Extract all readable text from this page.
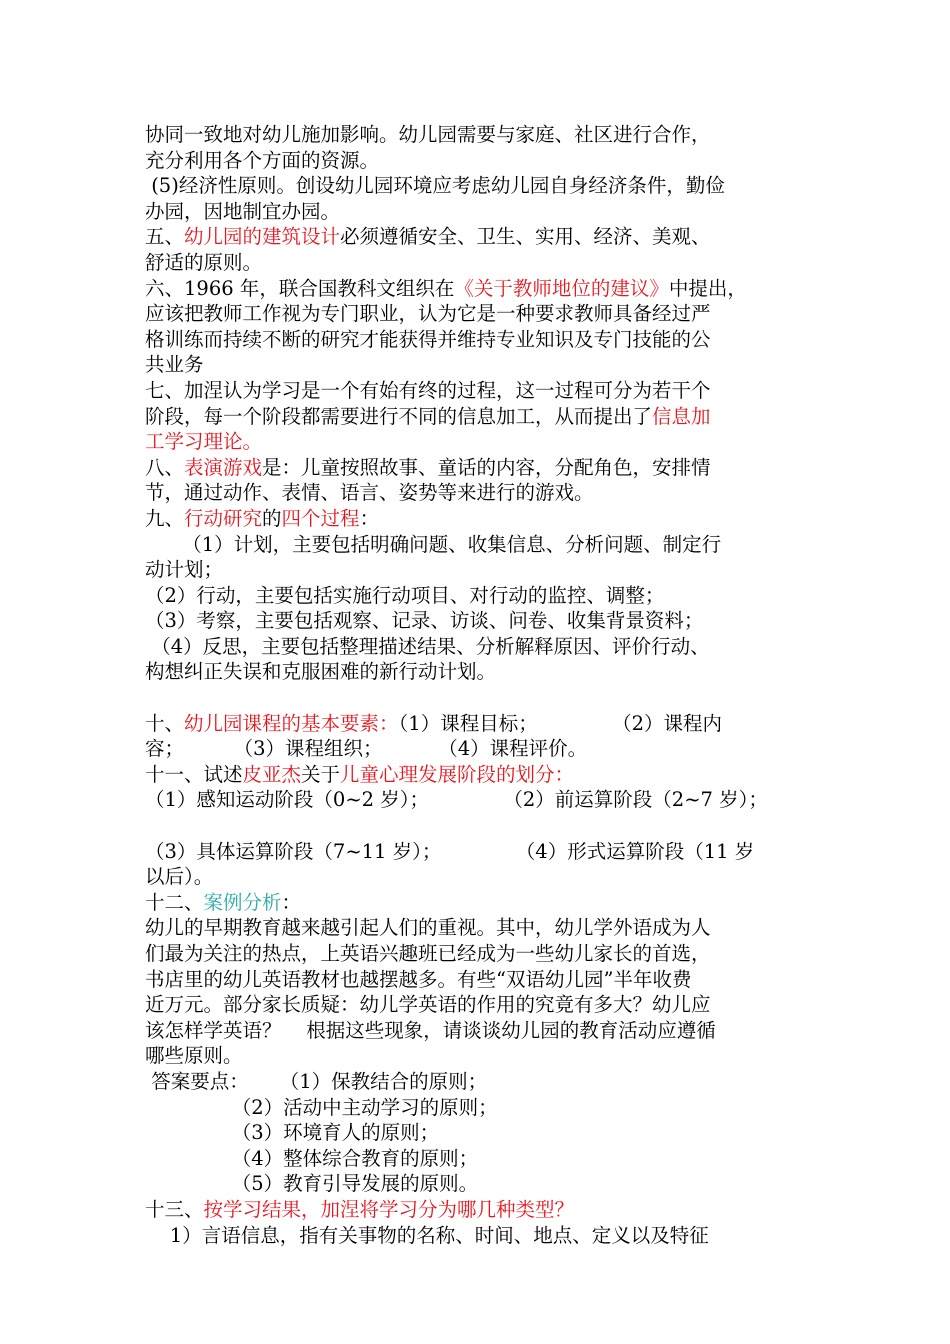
协同一致地对幼儿施加影响。幼儿园需要与家庭、社区进行合作，
充分利用各个方面的资源。
(5)经济性原则。创设幼儿园环境应考虑幼儿园自身经济条件，勤俭
办园，因地制宜办园。
五、幼儿园的建筑设计必须遵循安全、卫生、实用、经济、美观、
舒适的原则。
六、1966 年，联合国教科文组织在《关于教师地位的建议》中提出，
应该把教师工作视为专门职业，认为它是一种要求教师具备经过严
格训练而持续不断的研究才能获得并维持专业知识及专门技能的公
共业务
七、加涅认为学习是一个有始有终的过程，这一过程可分为若干个
阶段，每一个阶段都需要进行不同的信息加工，从而提出了信息加
工学习理论。
八、表演游戏是：儿童按照故事、童话的内容，分配角色，安排情
节，通过动作、表情、语言、姿势等来进行的游戏。
九、行动研究的四个过程：
（1）计划，主要包括明确问题、收集信息、分析问题、制定行
动计划；
（2）行动，主要包括实施行动项目、对行动的监控、调整；
（3）考察，主要包括观察、记录、访谈、问卷、收集背景资料；
（4）反思，主要包括整理描述结果、分析解释原因、评价行动、
构想纠正失误和克服困难的新行动计划。
十、幼儿园课程的基本要素：（1）课程目标；            （2）课程内
容；        （3）课程组织；         （4）课程评价。
十一、试述皮亚杰关于儿童心理发展阶段的划分：
（1）感知运动阶段（0~2 岁）；            （2）前运算阶段（2~7 岁）；
（3）具体运算阶段（7~11 岁）；            （4）形式运算阶段（11 岁
以后）。
十二、案例分析：
幼儿的早期教育越来越引起人们的重视。其中，幼儿学外语成为人
们最为关注的热点，上英语兴趣班已经成为一些幼儿家长的首选，
书店里的幼儿英语教材也越摆越多。有些“双语幼儿园”半年收费
近万元。部分家长质疑：幼儿学英语的作用的究竟有多大？幼儿应
该怎样学英语？    根据这些现象，请谈谈幼儿园的教育活动应遵循
哪些原则。
答案要点：     （1）保教结合的原则；
（2）活动中主动学习的原则；
（3）环境育人的原则；
（4）整体综合教育的原则；
（5）教育引导发展的原则。
十三、按学习结果，加涅将学习分为哪几种类型？
1）言语信息，指有关事物的名称、时间、地点、定义以及特征
